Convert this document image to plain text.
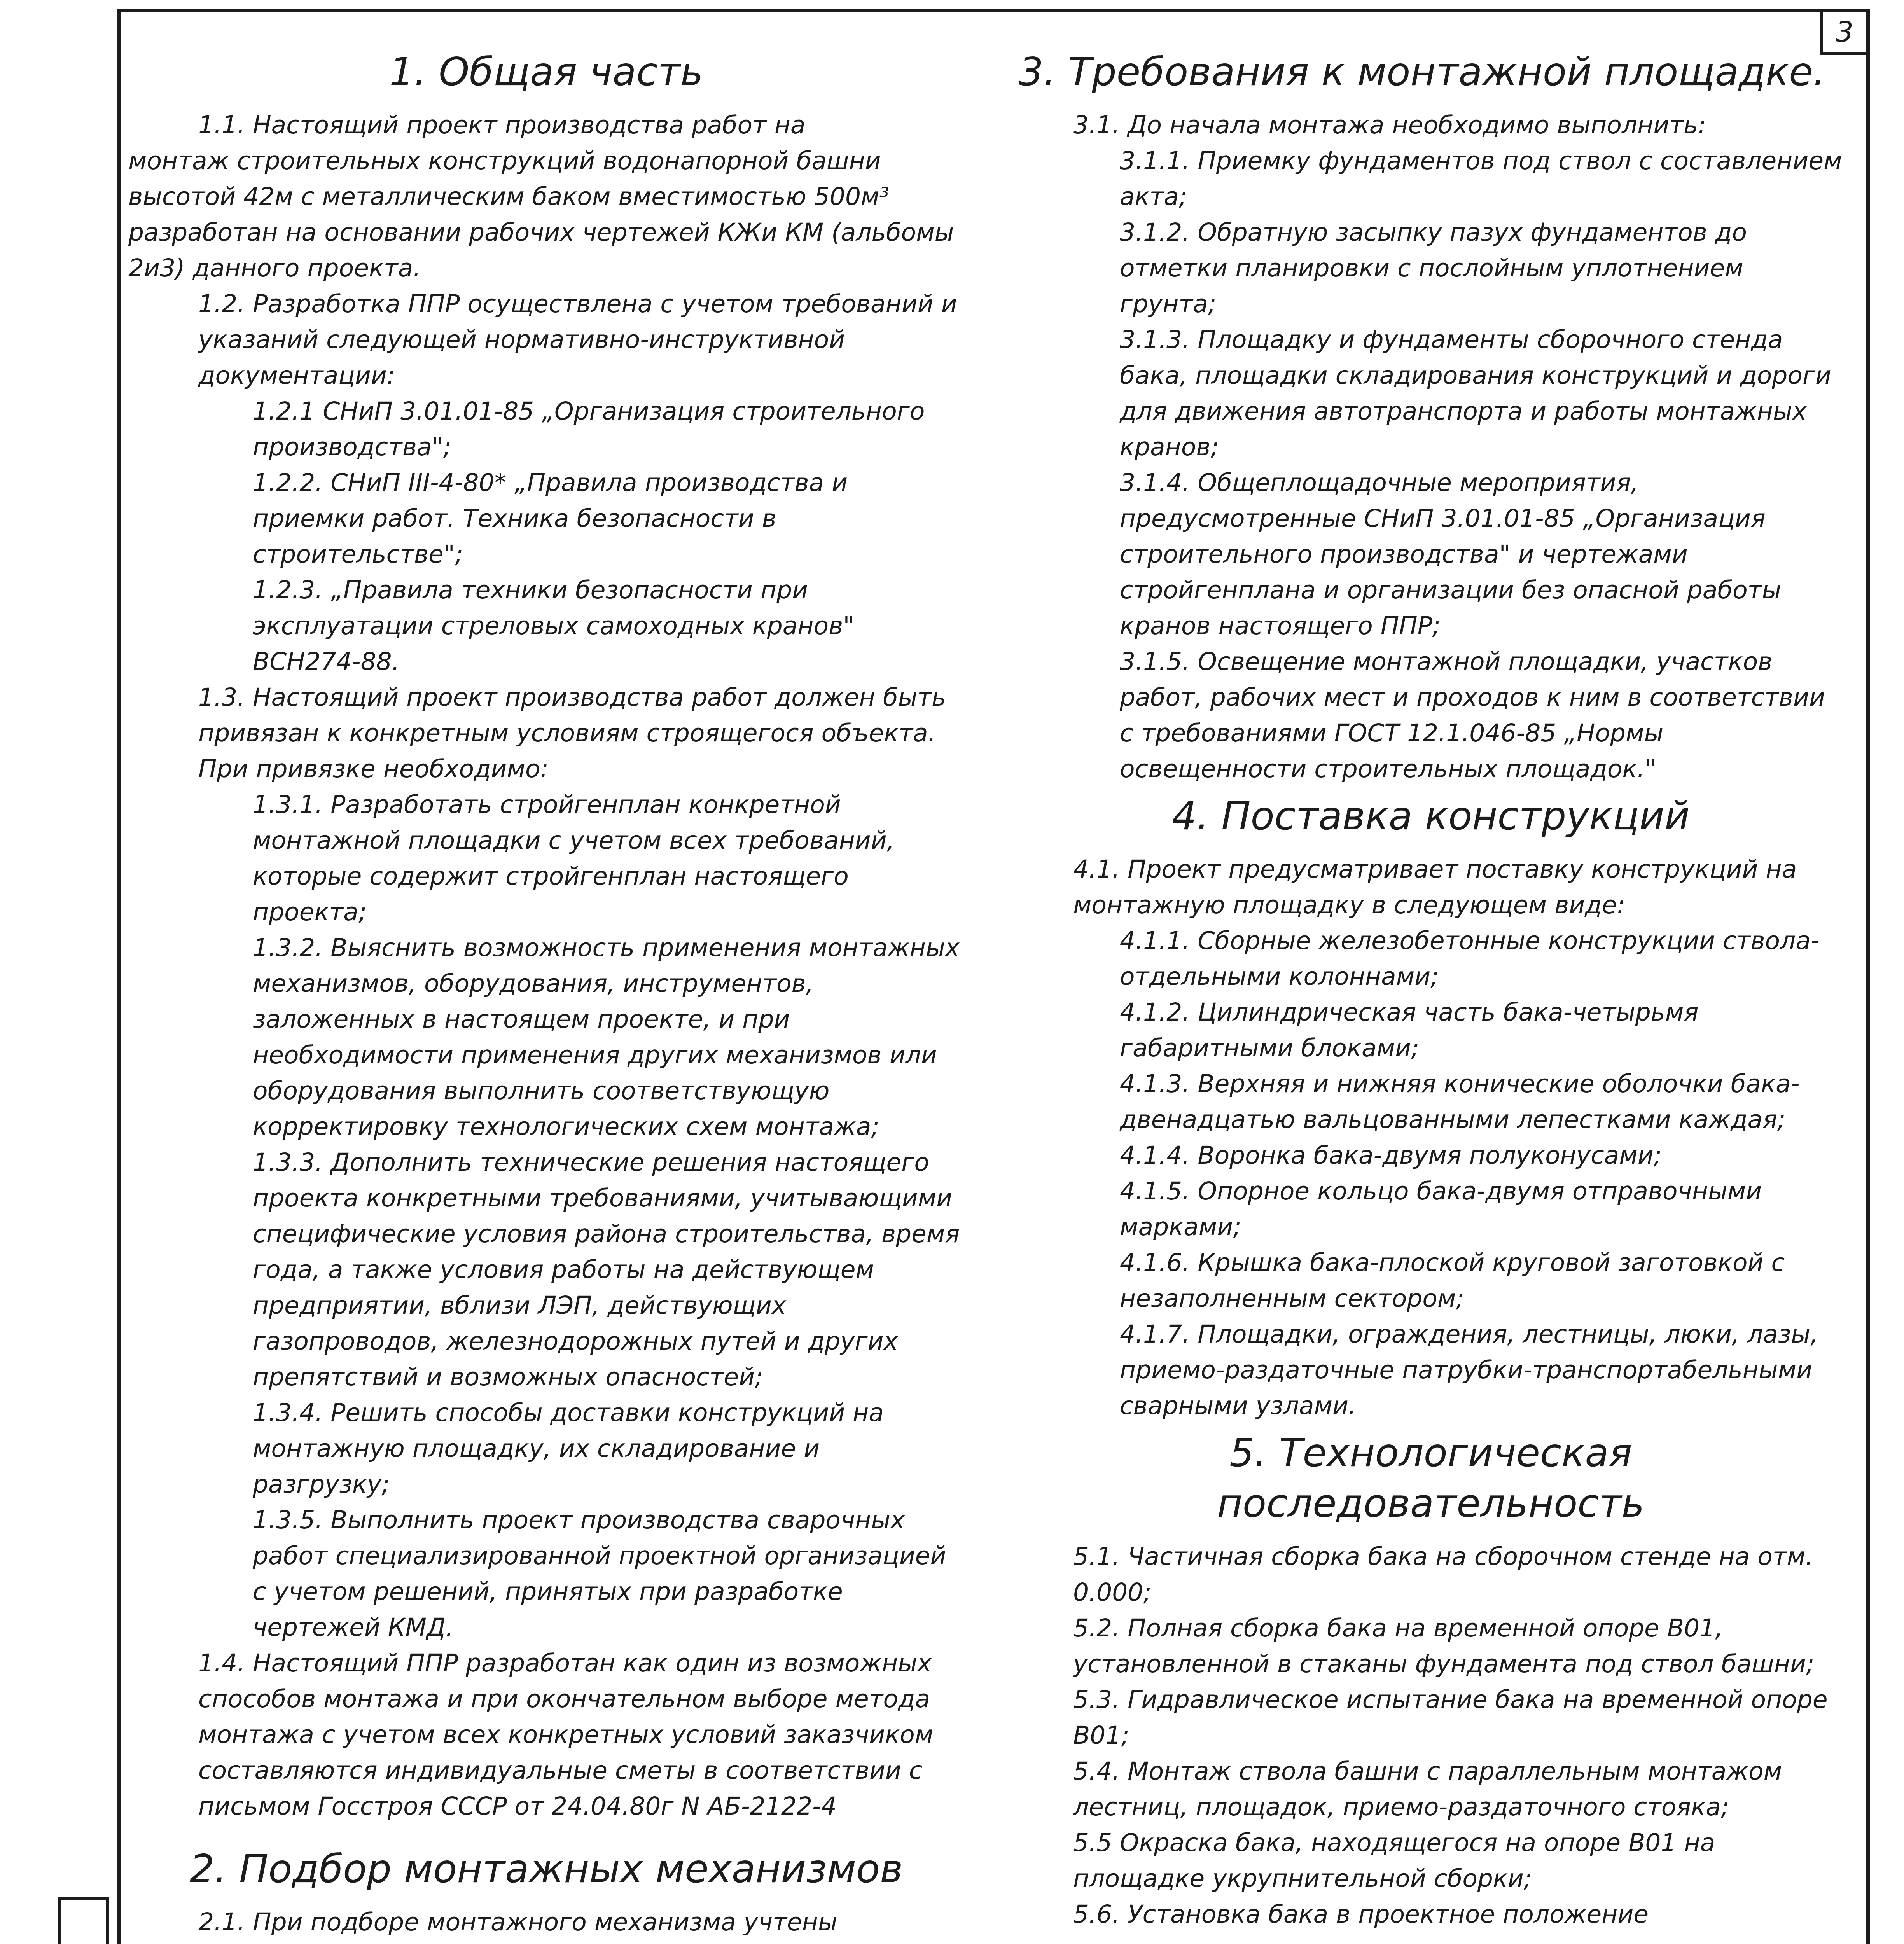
3
1. Общая часть
1.1. Настоящий проект производства работ на
монтаж строительных конструкций водонапорной башни высотой 42м с металлическим баком вместимостью 500м³ разработан на основании рабочих чертежей КЖи КМ (альбомы 2и3) данного проекта.
1.2. Разработка ППР осуществлена с учетом требований и указаний следующей нормативно-инструктивной документации:
1.2.1 СНиП 3.01.01-85 „Организация строительного производства";
1.2.2. СНиП III-4-80* „Правила производства и приемки работ. Техника безопасности в строительстве";
1.2.3. „Правила техники безопасности при эксплуатации стреловых самоходных кранов" ВСН274-88.
1.3. Настоящий проект производства работ должен быть привязан к конкретным условиям строящегося объекта. При привязке необходимо:
1.3.1. Разработать стройгенплан конкретной монтажной площадки с учетом всех требований, которые содержит стройгенплан настоящего проекта;
1.3.2. Выяснить возможность применения монтажных механизмов, оборудования, инструментов, заложенных в настоящем проекте, и при необходимости применения других механизмов или оборудования выполнить соответствующую корректировку технологических схем монтажа;
1.3.3. Дополнить технические решения настоящего проекта конкретными требованиями, учитывающими специфические условия района строительства, время года, а также условия работы на действующем предприятии, вблизи ЛЭП, действующих газопроводов, железнодорожных путей и других препятствий и возможных опасностей;
1.3.4. Решить способы доставки конструкций на монтажную площадку, их складирование и разгрузку;
1.3.5. Выполнить проект производства сварочных работ специализированной проектной организацией с учетом решений, принятых при разработке чертежей КМД.
1.4. Настоящий ППР разработан как один из возможных способов монтажа и при окончательном выборе метода монтажа с учетом всех конкретных условий заказчиком составляются индивидуальные сметы в соответствии с письмом Госстроя СССР от 24.04.80г N АБ-2122-4
2. Подбор монтажных механизмов
2.1. При подборе монтажного механизма учтены
3. Требования к монтажной площадке.
3.1. До начала монтажа необходимо выполнить:
3.1.1. Приемку фундаментов под ствол с составлением акта;
3.1.2. Обратную засыпку пазух фундаментов до отметки планировки с послойным уплотнением грунта;
3.1.3. Площадку и фундаменты сборочного стенда бака, площадки складирования конструкций и дороги для движения автотранспорта и работы монтажных кранов;
3.1.4. Общеплощадочные мероприятия, предусмотренные СНиП 3.01.01-85 „Организация строительного производства" и чертежами стройгенплана и организации без опасной работы кранов настоящего ППР;
3.1.5. Освещение монтажной площадки, участков работ, рабочих мест и проходов к ним в соответствии с требованиями ГОСТ 12.1.046-85 „Нормы освещенности строительных площадок."
4. Поставка конструкций
4.1. Проект предусматривает поставку конструкций на монтажную площадку в следующем виде:
4.1.1. Сборные железобетонные конструкции ствола-отдельными колоннами;
4.1.2. Цилиндрическая часть бака-четырьмя габаритными блоками;
4.1.3. Верхняя и нижняя конические оболочки бака-двенадцатью вальцованными лепестками каждая;
4.1.4. Воронка бака-двумя полуконусами;
4.1.5. Опорное кольцо бака-двумя отправочными марками;
4.1.6. Крышка бака-плоской круговой заготовкой с незаполненным сектором;
4.1.7. Площадки, ограждения, лестницы, люки, лазы, приемо-раздаточные патрубки-транспортабельными сварными узлами.
5. Технологическая последовательность
5.1. Частичная сборка бака на сборочном стенде на отм. 0.000;
5.2. Полная сборка бака на временной опоре В01, установленной в стаканы фундамента под ствол башни;
5.3. Гидравлическое испытание бака на временной опоре В01;
5.4. Монтаж ствола башни с параллельным монтажом лестниц, площадок, приемо-раздаточного стояка;
5.5 Окраска бака, находящегося на опоре В01 на площадке укрупнительной сборки;
5.6. Установка бака в проектное положение
